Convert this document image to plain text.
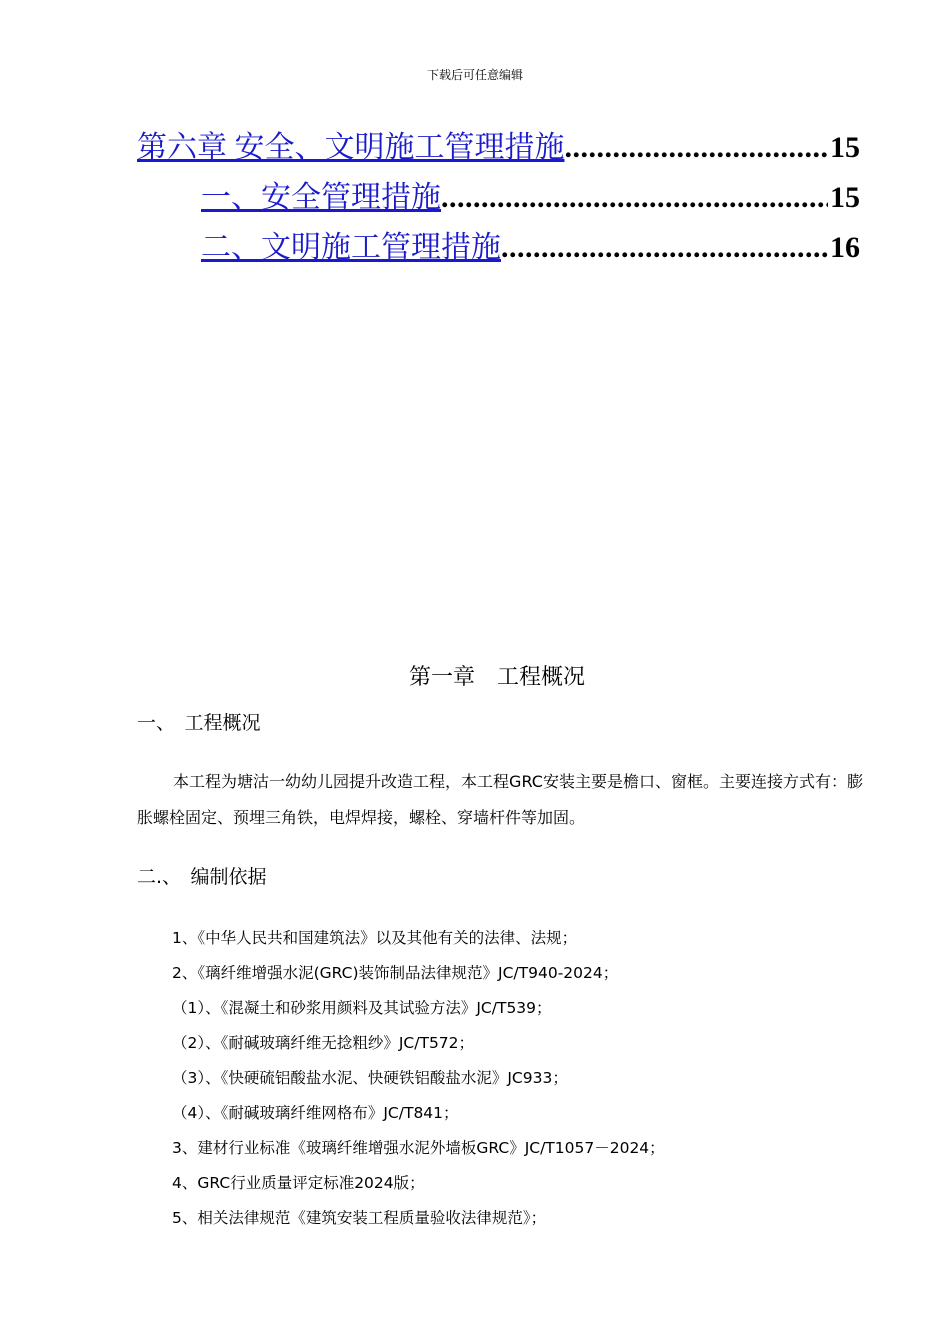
下载后可任意编辑
第六章 安全、文明施工管理措施 .....	15
一、安全管理措施 .....	15
二、文明施工管理措施 .....	16
第一章　工程概况
一、　工程概况
本工程为塘沽一幼幼儿园提升改造工程，本工程GRC安装主要是檐口、窗框。主要连接方式有：膨胀螺栓固定、预埋三角铁，电焊焊接，螺栓、穿墙杆件等加固。
二.、　编制依据
1、《中华人民共和国建筑法》以及其他有关的法律、法规；
2、《璃纤维增强水泥(GRC)装饰制品法律规范》JC/T940-2024；
（1）、《混凝土和砂浆用颜料及其试验方法》JC/T539；
（2）、《耐碱玻璃纤维无捻粗纱》JC/T572；
（3）、《快硬硫铝酸盐水泥、快硬铁铝酸盐水泥》JC933；
（4）、《耐碱玻璃纤维网格布》JC/T841；
3、建材行业标准《玻璃纤维增强水泥外墙板GRC》JC/T1057－2024；
4、GRC行业质量评定标准2024版；
5、相关法律规范《建筑安装工程质量验收法律规范》；
